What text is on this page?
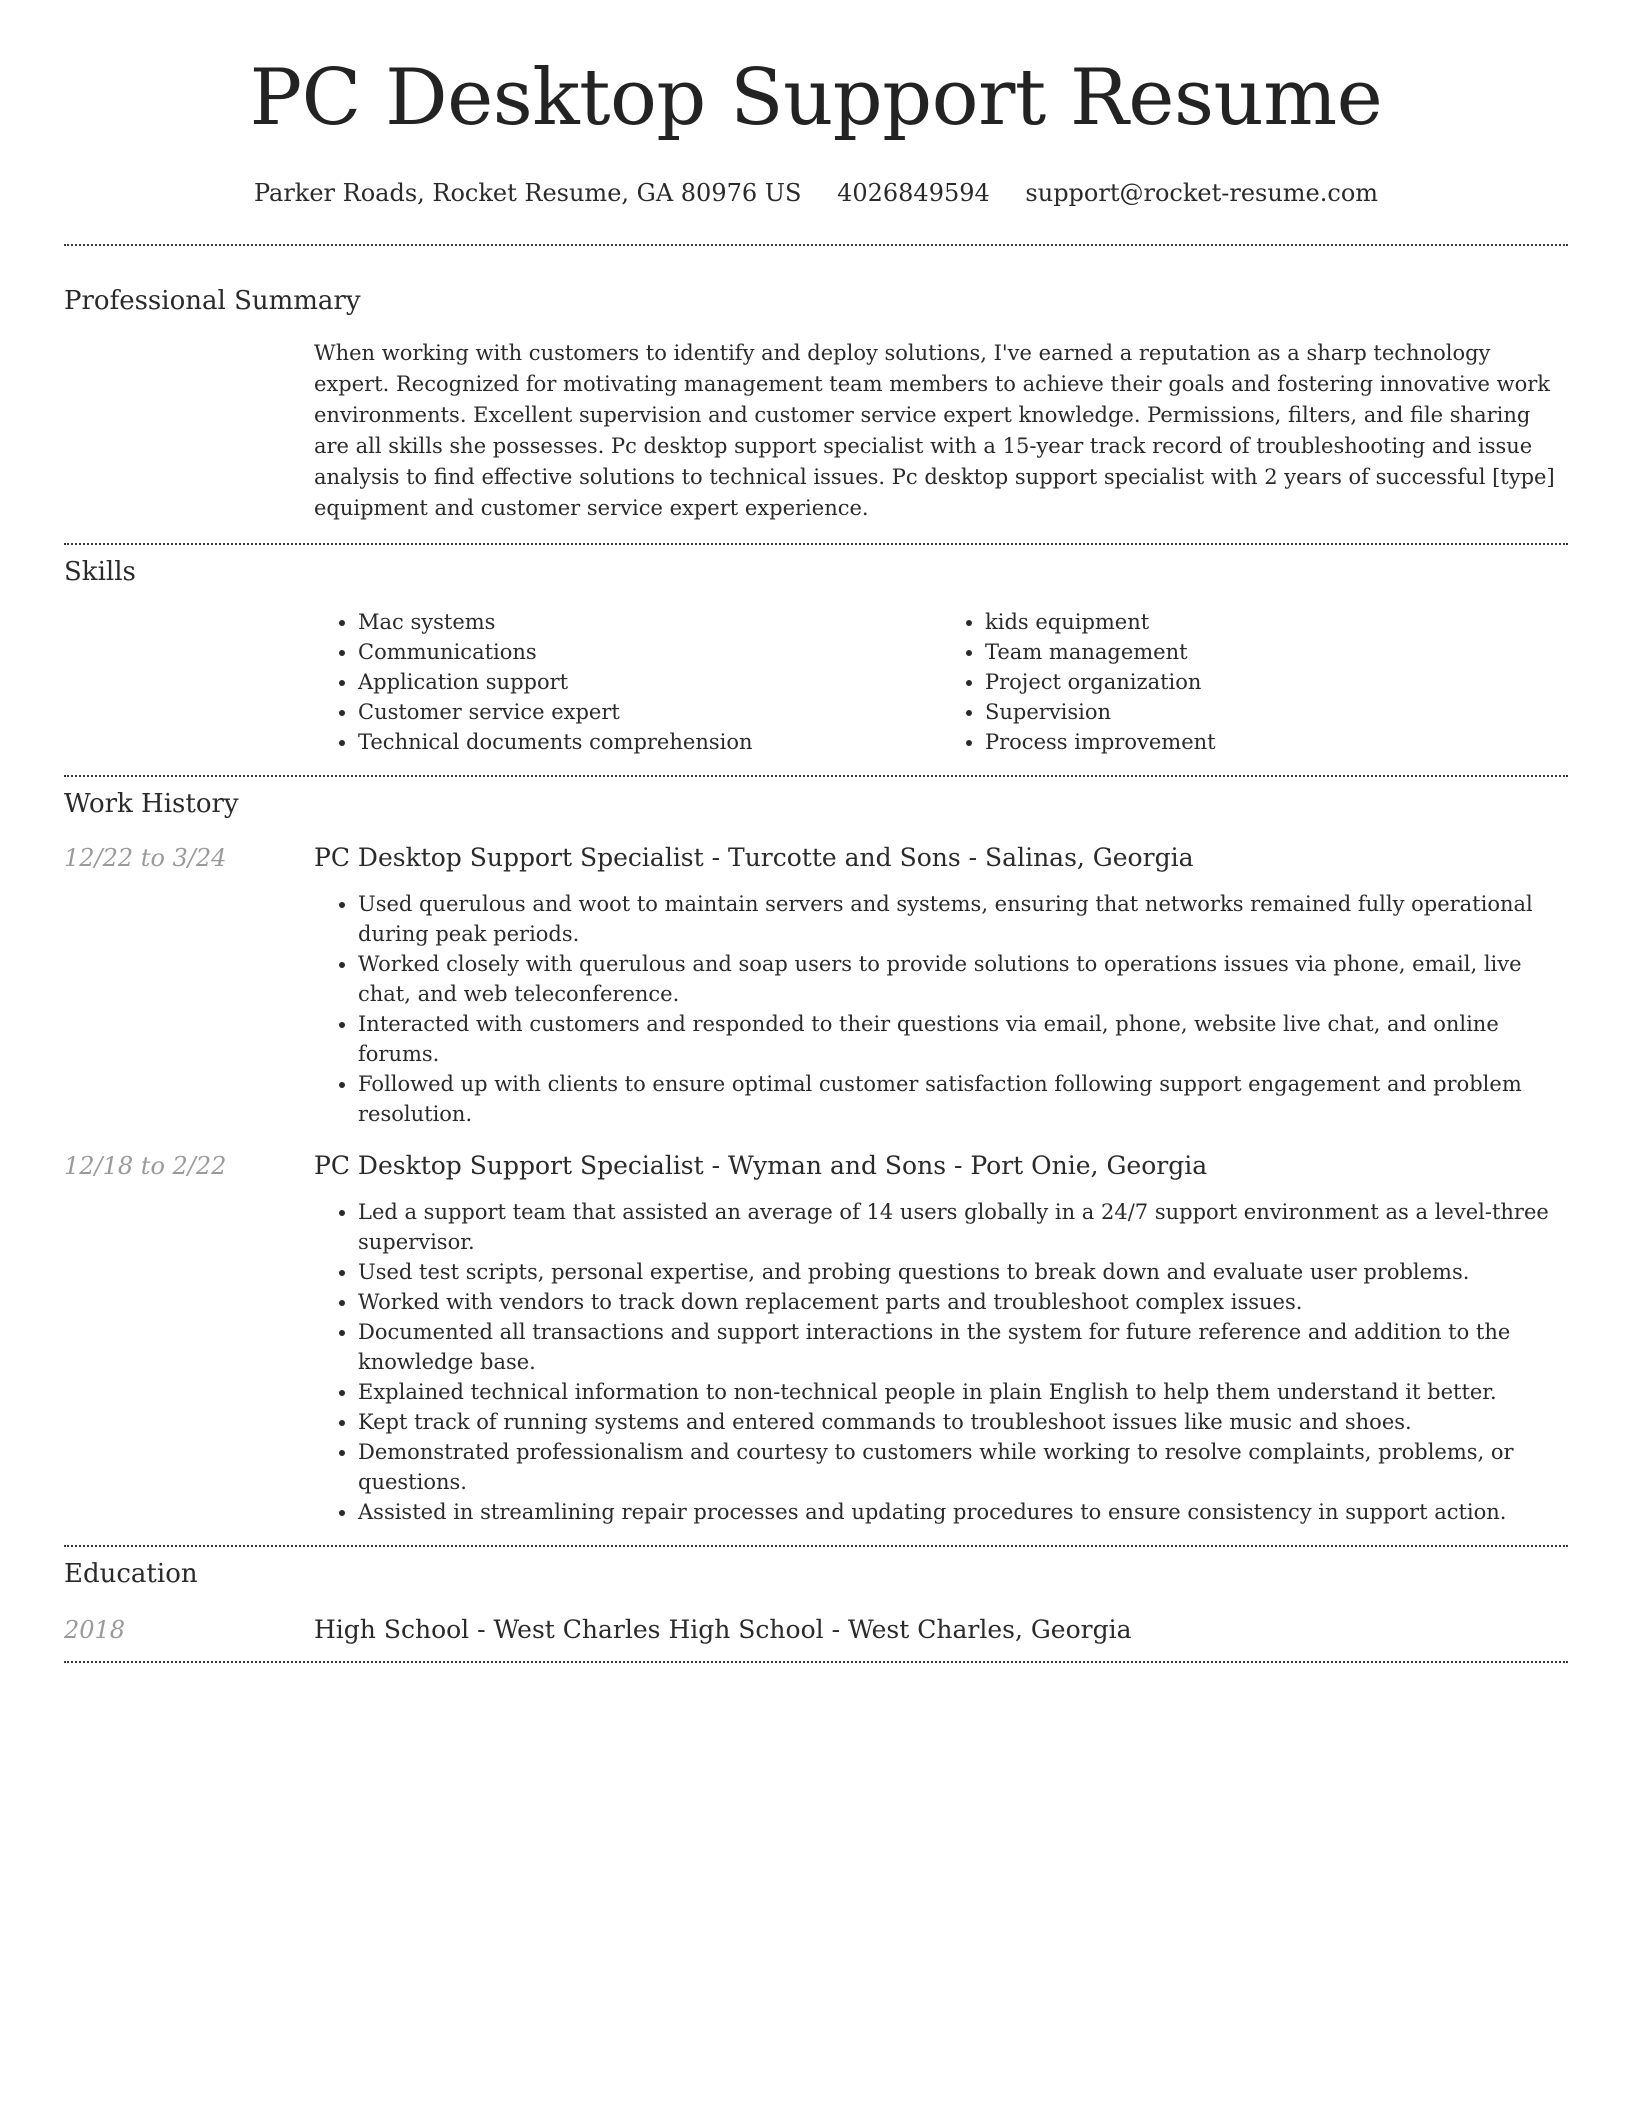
PC Desktop Support Resume
Parker Roads, Rocket Resume, GA 80976 US 4026849594 support@rocket-resume.com
Professional Summary

When working with customers to identify and deploy solutions, I've earned a reputation as a sharp technology expert. Recognized for motivating management team members to achieve their goals and fostering innovative work environments. Excellent supervision and customer service expert knowledge. Permissions, filters, and file sharing are all skills she possesses. Pc desktop support specialist with a 15-year track record of troubleshooting and issue analysis to find effective solutions to technical issues. Pc desktop support specialist with 2 years of successful [type] equipment and customer service expert experience.

Skills
• Mac systems
• Communications
• Application support
• Customer service expert
• Technical documents comprehension
• kids equipment
• Team management
• Project organization
• Supervision
• Process improvement
Work History
12/22 to 3/24	PC Desktop Support Specialist - Turcotte and Sons - Salinas, Georgia
• Used querulous and woot to maintain servers and systems, ensuring that networks remained fully operational during peak periods.
• Worked closely with querulous and soap users to provide solutions to operations issues via phone, email, live chat, and web teleconference.
• Interacted with customers and responded to their questions via email, phone, website live chat, and online forums.
• Followed up with clients to ensure optimal customer satisfaction following support engagement and problem resolution.
12/18 to 2/22	PC Desktop Support Specialist - Wyman and Sons - Port Onie, Georgia
• Led a support team that assisted an average of 14 users globally in a 24/7 support environment as a level-three supervisor.
• Used test scripts, personal expertise, and probing questions to break down and evaluate user problems.
• Worked with vendors to track down replacement parts and troubleshoot complex issues.
• Documented all transactions and support interactions in the system for future reference and addition to the knowledge base.
• Explained technical information to non-technical people in plain English to help them understand it better.
• Kept track of running systems and entered commands to troubleshoot issues like music and shoes.
• Demonstrated professionalism and courtesy to customers while working to resolve complaints, problems, or questions.
• Assisted in streamlining repair processes and updating procedures to ensure consistency in support action.
Education
2018	High School - West Charles High School - West Charles, Georgia
